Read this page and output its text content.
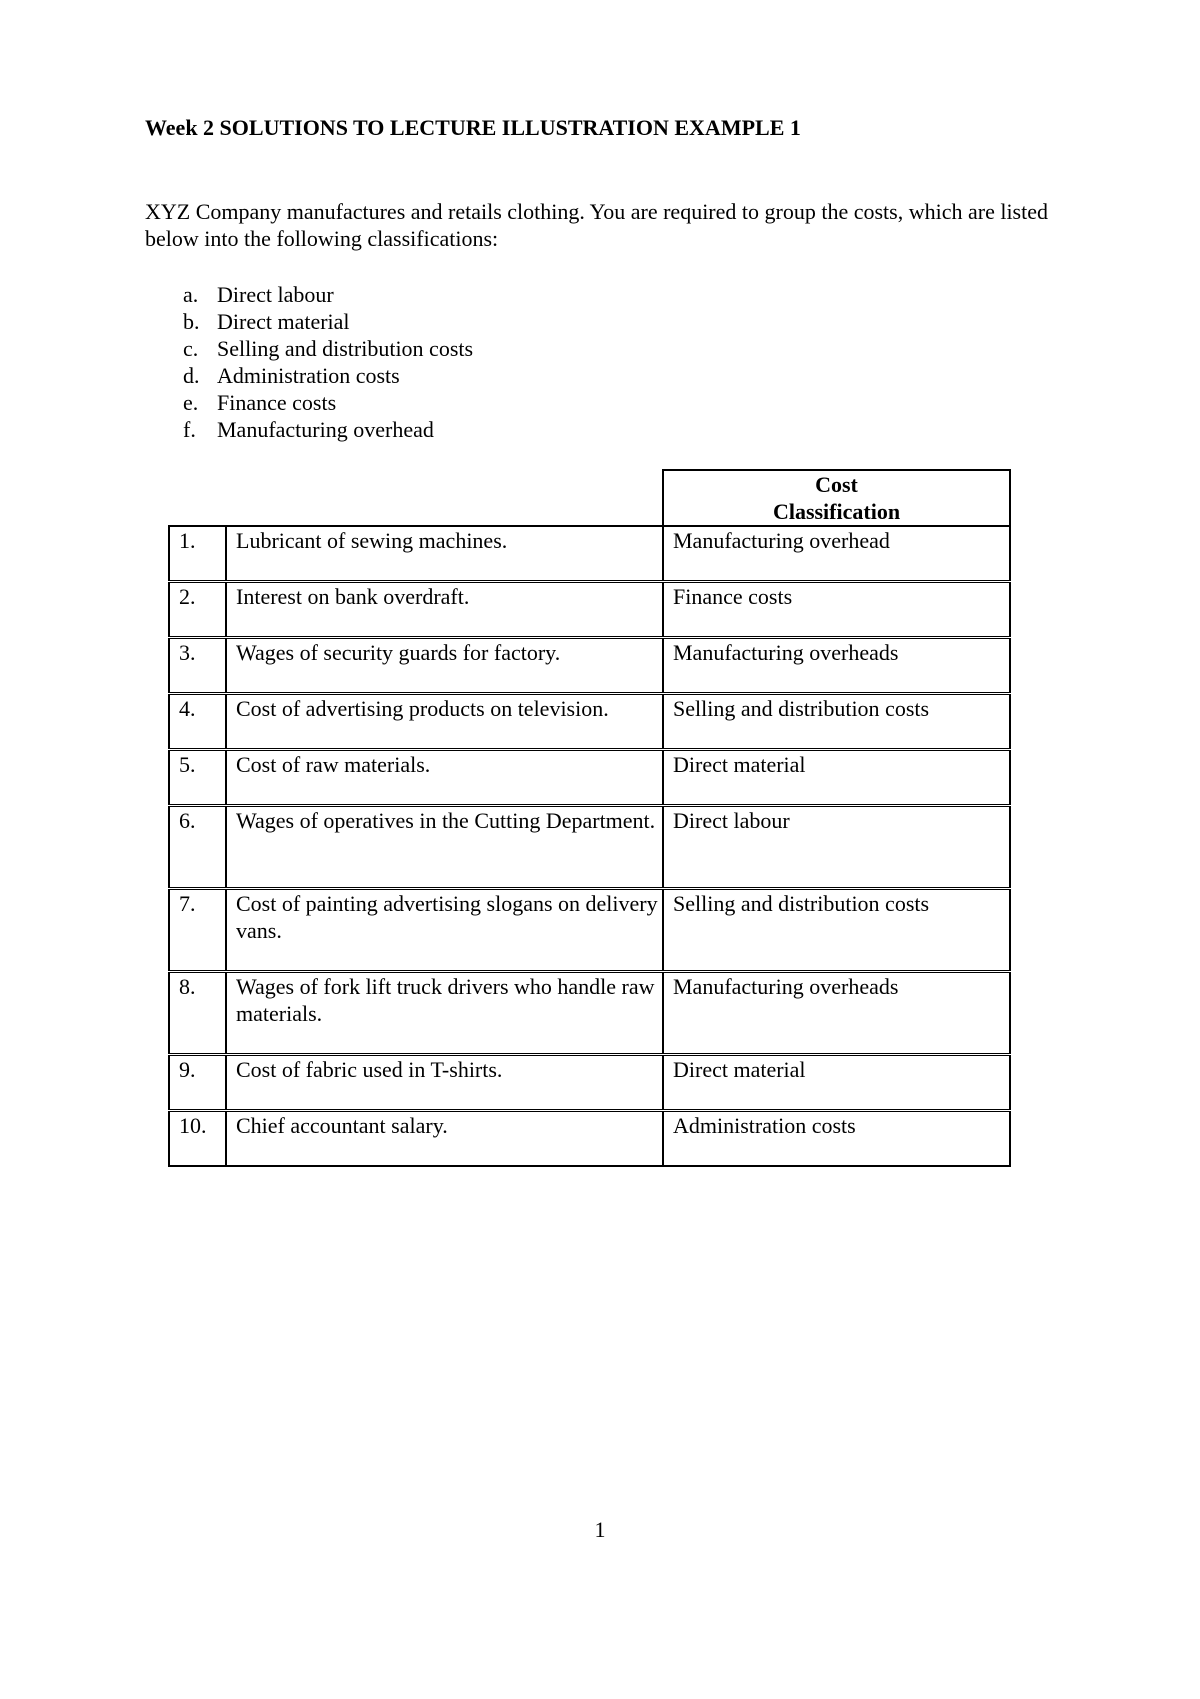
Week 2 SOLUTIONS TO LECTURE ILLUSTRATION EXAMPLE 1

XYZ Company manufactures and retails clothing. You are required to group the costs, which are listed below into the following classifications:

a. Direct labour
b. Direct material
c. Selling and distribution costs
d. Administration costs
e. Finance costs
f. Manufacturing overhead

		Cost
Classification

1.	Lubricant of sewing machines.	Manufacturing overhead
2.	Interest on bank overdraft.	Finance costs
3.	Wages of security guards for factory.	Manufacturing overheads
4.	Cost of advertising products on television.	Selling and distribution costs
5.	Cost of raw materials.	Direct material
6.	Wages of operatives in the Cutting Department.	Direct labour
7.	Cost of painting advertising slogans on delivery vans.	Selling and distribution costs
8.	Wages of fork lift truck drivers who handle raw materials.	Manufacturing overheads
9.	Cost of fabric used in T-shirts.	Direct material
10.	Chief accountant salary.	Administration costs
1
